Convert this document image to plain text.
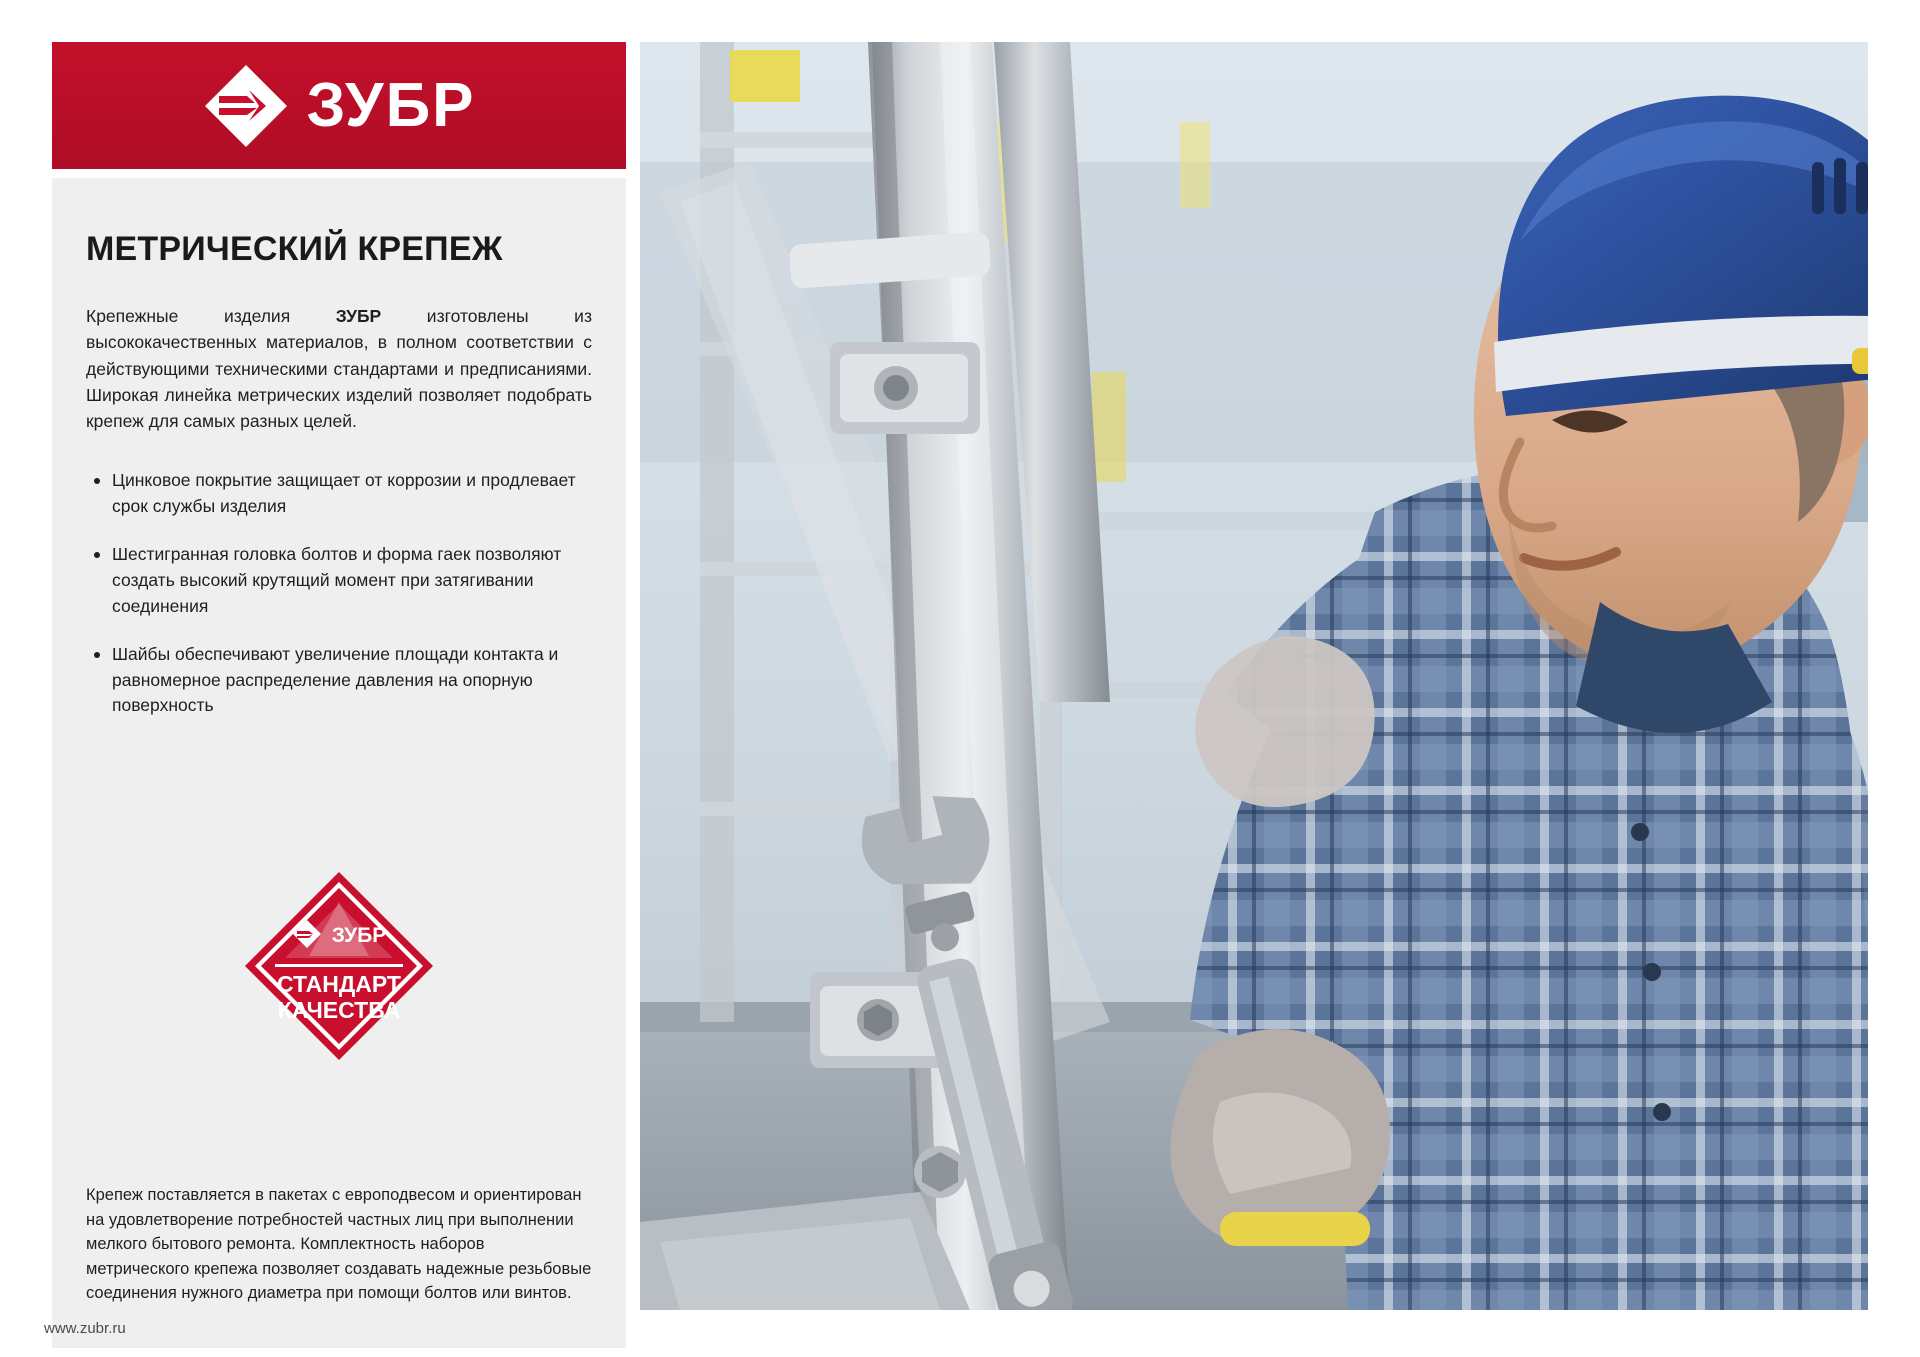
ЗУБР
МЕТРИЧЕСКИЙ КРЕПЕЖ

Крепежные изделия ЗУБР изготовлены из высококачественных материалов, в полном соответствии с действующими техническими стандартами и предписаниями. Широкая линейка метрических изделий позволяет подобрать крепеж для самых разных целей.

Цинковое покрытие защищает от коррозии и продлевает срок службы изделия
Шестигранная головка болтов и форма гаек позволяют создать высокий крутящий момент при затягивании соединения
Шайбы обеспечивают увеличение площади контакта и равномерное распределение давления на опорную поверхность
ЗУБР
СТАНДАРТ
КАЧЕСТВА

Крепеж поставляется в пакетах с европодвесом и ориентирован на удовлетворение потребностей частных лиц при выполнении мелкого бытового ремонта. Комплектность наборов метрического крепежа позволяет создавать надежные резьбовые соединения нужного диаметра при помощи болтов или винтов.

www.zubr.ru
